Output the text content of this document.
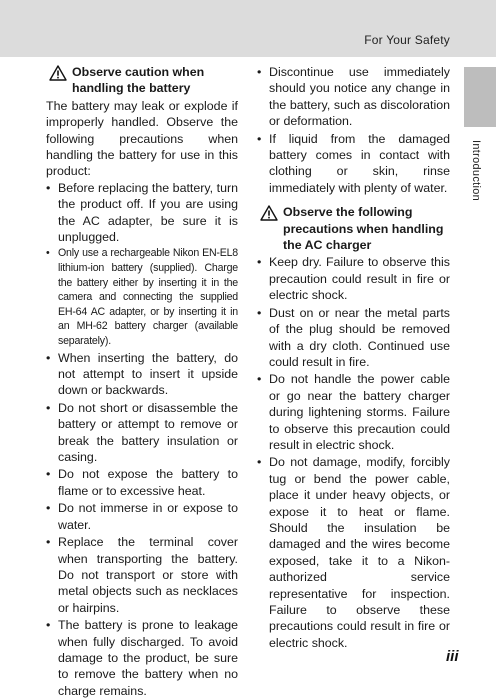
For Your Safety
Introduction
Observe caution when handling the battery

The battery may leak or explode if improperly handled. Observe the following precautions when handling the battery for use in this product:

• Before replacing the battery, turn the product off. If you are using the AC adapter, be sure it is unplugged.
• Only use a rechargeable Nikon EN-EL8 lithium-ion battery (supplied). Charge the battery either by inserting it in the camera and connecting the supplied EH-64 AC adapter, or by inserting it in an MH-62 battery charger (available separately).
• When inserting the battery, do not attempt to insert it upside down or backwards.
• Do not short or disassemble the battery or attempt to remove or break the battery insulation or casing.
• Do not expose the battery to flame or to excessive heat.
• Do not immerse in or expose to water.
• Replace the terminal cover when transporting the battery. Do not transport or store with metal objects such as necklaces or hairpins.
• The battery is prone to leakage when fully discharged. To avoid damage to the product, be sure to remove the battery when no charge remains.
• Discontinue use immediately should you notice any change in the battery, such as discoloration or deformation.
• If liquid from the damaged battery comes in contact with clothing or skin, rinse immediately with plenty of water.
Observe the following precautions when handling the AC charger
• Keep dry. Failure to observe this precaution could result in fire or electric shock.
• Dust on or near the metal parts of the plug should be removed with a dry cloth. Continued use could result in fire.
• Do not handle the power cable or go near the battery charger during lightening storms. Failure to observe this precaution could result in electric shock.
• Do not damage, modify, forcibly tug or bend the power cable, place it under heavy objects, or expose it to heat or flame. Should the insulation be damaged and the wires become exposed, take it to a Nikon-authorized service representative for inspection. Failure to observe these precautions could result in fire or electric shock.
iii
